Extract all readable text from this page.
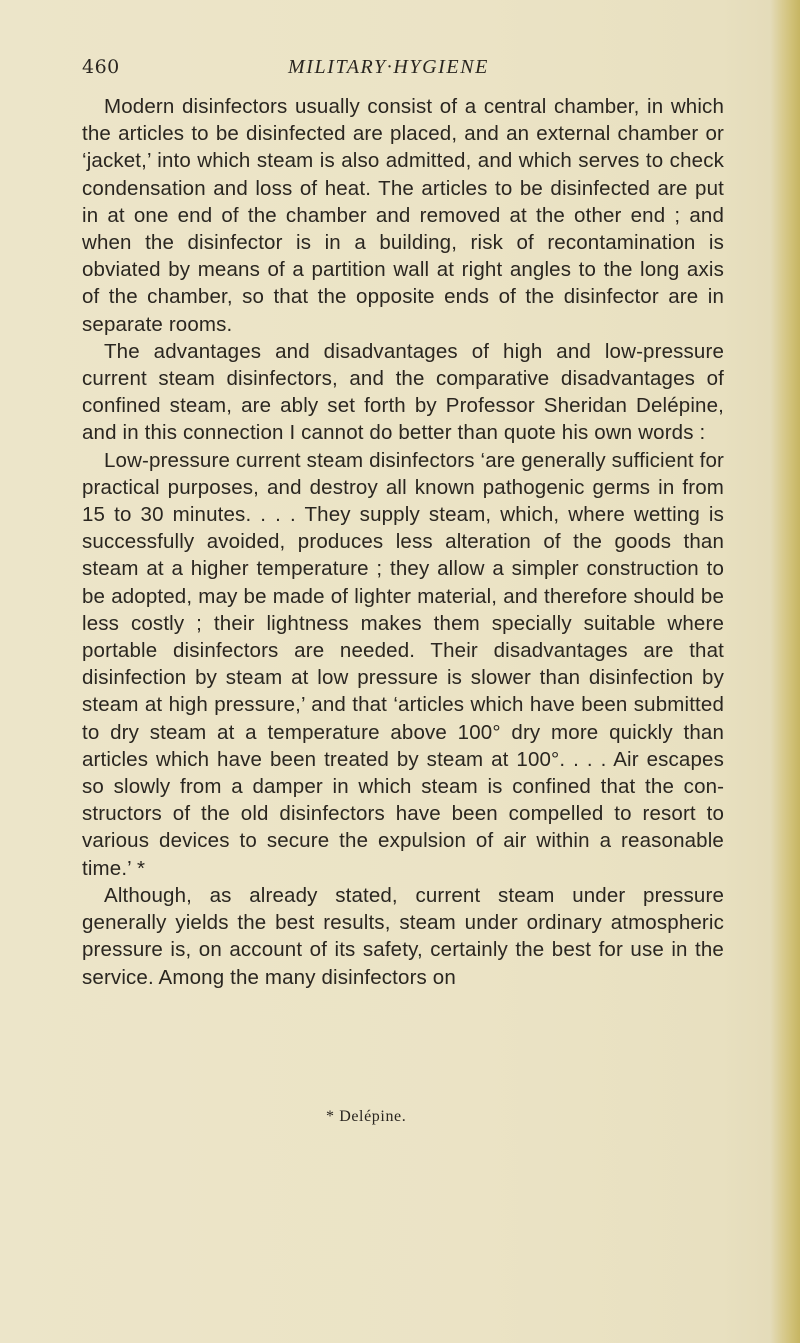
460	MILITARY·HYGIENE

Modern disinfectors usually consist of a central chamber, in which the articles to be disinfected are placed, and an external chamber or ‘jacket,’ into which steam is also admitted, and which serves to check condensation and loss of heat. The articles to be disinfected are put in at one end of the chamber and removed at the other end ; and when the disinfector is in a building, risk of recontamination is obviated by means of a partition wall at right angles to the long axis of the chamber, so that the opposite ends of the disinfector are in separate rooms.

The advantages and disadvantages of high and low-pressure current steam disinfectors, and the comparative disadvantages of confined steam, are ably set forth by Professor Sheridan Delépine, and in this connection I cannot do better than quote his own words :

Low-pressure current steam disinfectors ‘are generally sufficient for practical purposes, and destroy all known pathogenic germs in from 15 to 30 minutes. . . . They supply steam, which, where wetting is successfully avoided, produces less alteration of the goods than steam at a higher temperature ; they allow a simpler construction to be adopted, may be made of lighter material, and therefore should be less costly ; their lightness makes them specially suitable where portable disinfectors are needed. Their disadvantages are that disinfection by steam at low pressure is slower than disinfection by steam at high pressure,’ and that ‘articles which have been submitted to dry steam at a temperature above 100° dry more quickly than articles which have been treated by steam at 100°. . . . Air escapes so slowly from a damper in which steam is confined that the constructors of the old disinfectors have been compelled to resort to various devices to secure the expulsion of air within a reasonable time.’ *

Although, as already stated, current steam under pressure generally yields the best results, steam under ordinary atmospheric pressure is, on account of its safety, certainly the best for use in the service. Among the many disinfectors on

* Delépine.
